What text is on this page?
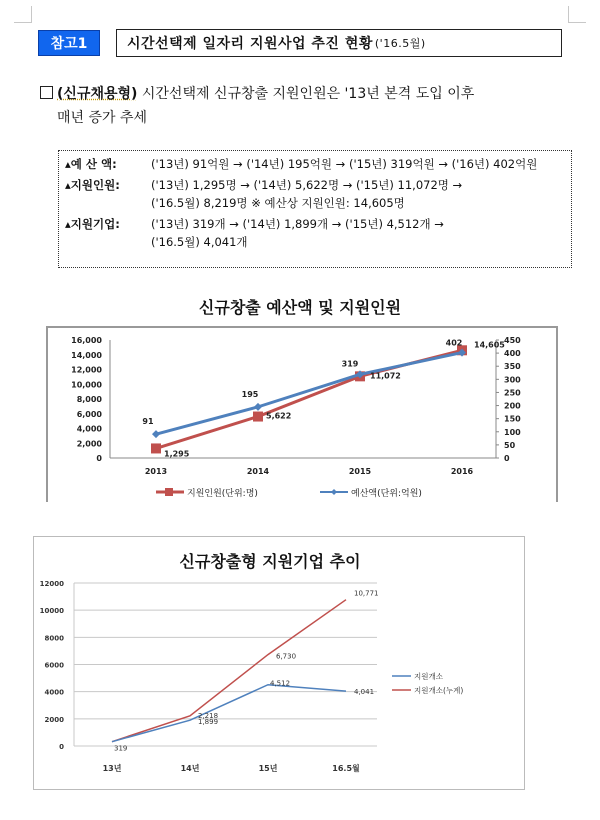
참고1	시간선택제 일자리 지원사업 추진 현황 ('16.5월)
(신규채용형) 시간선택제 신규창출 지원인원은 '13년 본격 도입 이후
매년 증가 추세
▴예 산 액:	('13년) 91억원 → ('14년) 195억원 → ('15년) 319억원 → ('16년) 402억원
▴지원인원:	('13년) 1,295명 → ('14년) 5,622명 → ('15년) 11,072명 →
('16.5월) 8,219명 ※ 예산상 지원인원: 14,605명
▴지원기업:	('13년) 319개 → ('14년) 1,899개 → ('15년) 4,512개 →
('16.5월) 4,041개
신규창출 예산액 및 지원인원
0
2,000
4,000
6,000
8,000
10,000
12,000
14,000
16,000
0
50
100
150
200
250
300
350
400
450
2013	2014	2015	2016
1,295
5,622
11,072
14,605
91
195
319
402
지원인원(단위:명)	예산액(단위:억원)
신규창출형 지원기업 추이
0
2000
4000
6000
8000
10000
12000
13년	14년	15년	16.5월
319
1,899
4,512
4,041
2,218
6,730
10,771
지원개소
지원개소(누계)
